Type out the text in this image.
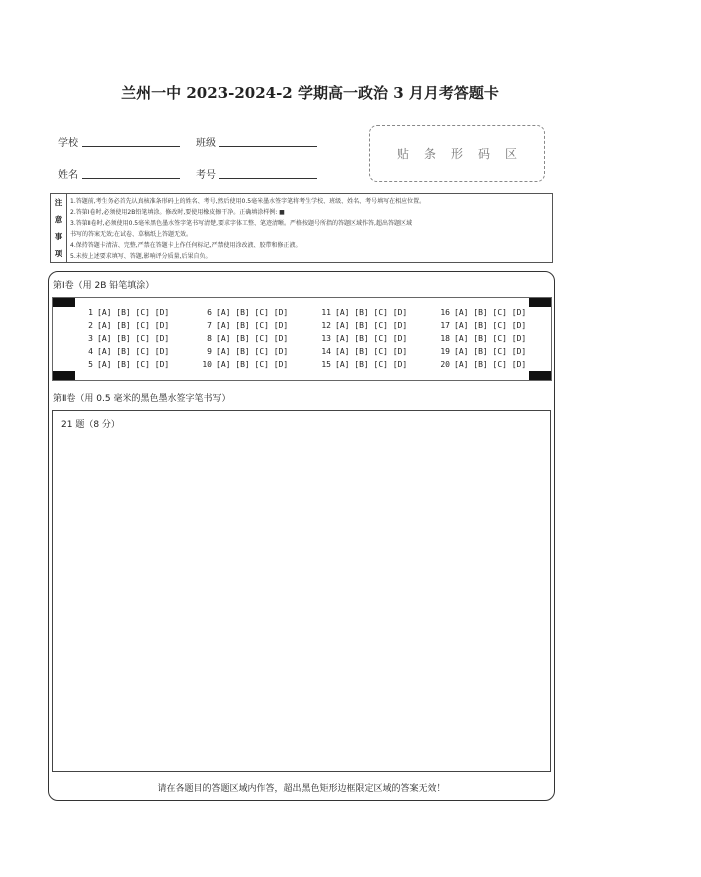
兰州一中 2023-2024-2 学期高一政治 3 月月考答题卡
学校	班级
姓名	考号
贴条形码区
注
意
事
项
1.答题前,考生务必首先认真核准条形码上的姓名、考号,然后使用0.5毫米墨水签字笔将考生学校、班级、姓名、考号填写在相应位置。
2.答第Ⅰ卷时,必须使用2B铅笔填涂。修改时,要使用橡皮擦干净。正确填涂样例: ■
3.答第Ⅱ卷时,必须使用0.5毫米黑色墨水签字笔书写清楚,要求字体工整、笔迹清晰。严格按题号所指的答题区域作答,超出答题区域
书写的答案无效;在试卷、草稿纸上答题无效。
4.保持答题卡清洁、完整,严禁在答题卡上作任何标记,严禁使用涂改液、胶带和修正液。
5.未按上述要求填写、答题,影响评分质量,后果自负。
第Ⅰ卷（用 2B 铅笔填涂）
1 [A] [B] [C] [D]
2 [A] [B] [C] [D]
3 [A] [B] [C] [D]
4 [A] [B] [C] [D]
5 [A] [B] [C] [D]
6 [A] [B] [C] [D]
7 [A] [B] [C] [D]
8 [A] [B] [C] [D]
9 [A] [B] [C] [D]
10 [A] [B] [C] [D]
11 [A] [B] [C] [D]
12 [A] [B] [C] [D]
13 [A] [B] [C] [D]
14 [A] [B] [C] [D]
15 [A] [B] [C] [D]
16 [A] [B] [C] [D]
17 [A] [B] [C] [D]
18 [A] [B] [C] [D]
19 [A] [B] [C] [D]
20 [A] [B] [C] [D]
第Ⅱ卷（用 0.5 毫米的黑色墨水签字笔书写）
21 题（8 分）
请在各题目的答题区域内作答，超出黑色矩形边框限定区域的答案无效！
